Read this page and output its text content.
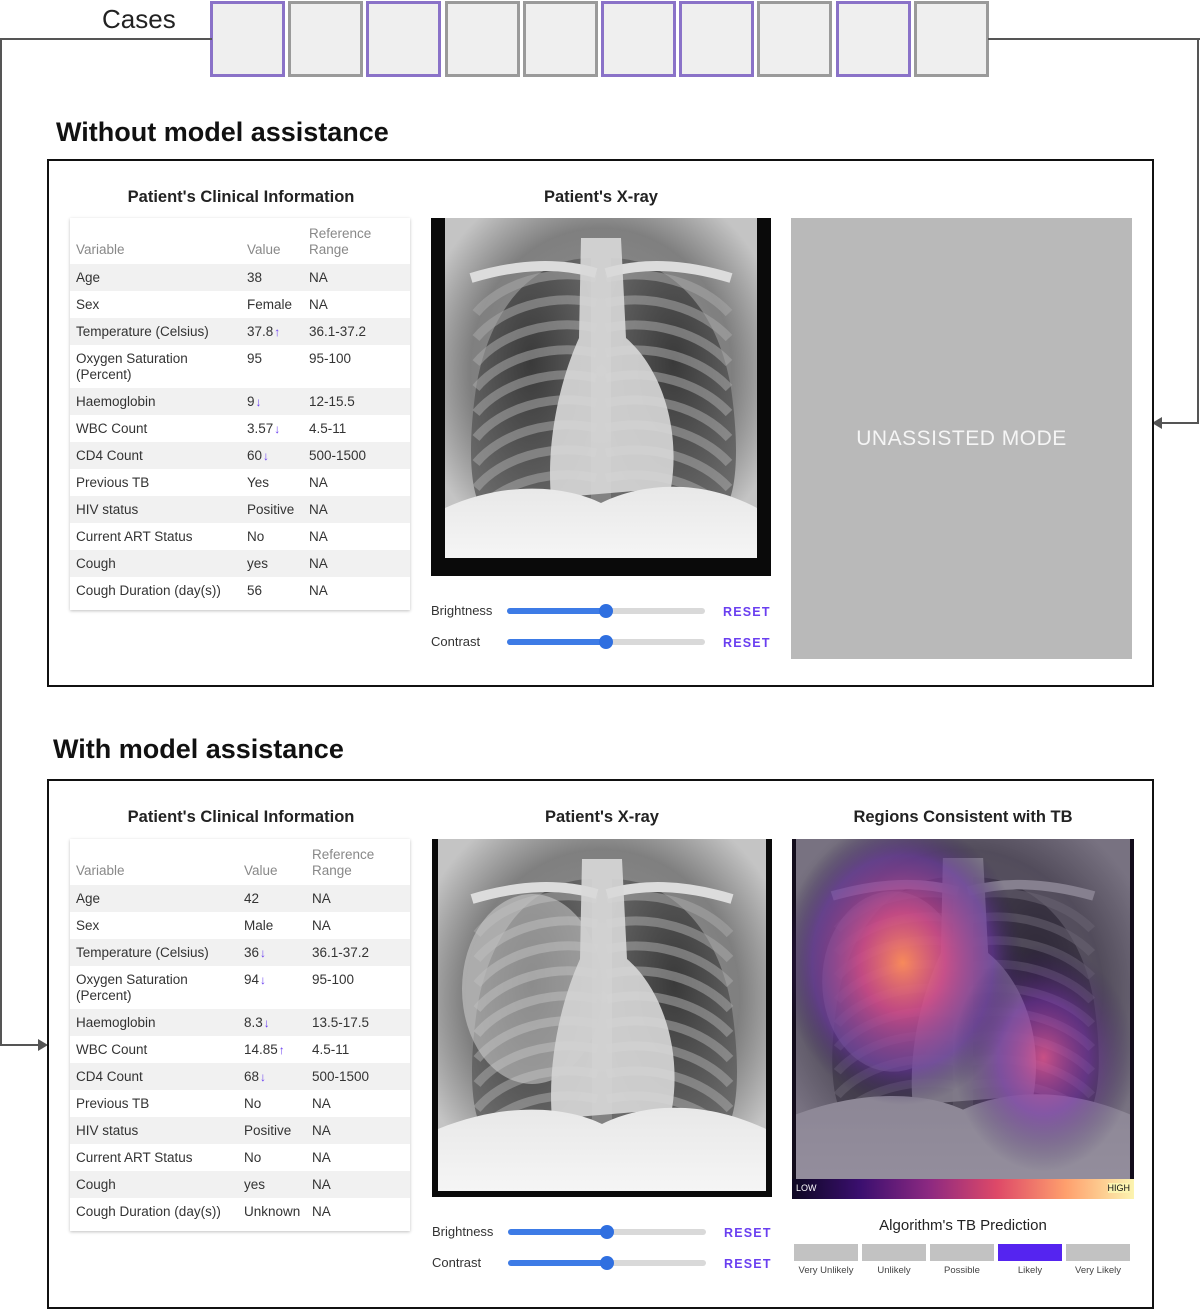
Cases
Without model assistance
Patient's Clinical Information	Patient's X-ray
Variable	Value
Reference
Range
Age	38	NA
Sex	Female NA
Temperature (Celsius)	37.8↑ 36.1-37.2
Oxygen Saturation
(Percent)
95	95-100
Haemoglobin	9↓	12-15.5
WBC Count	3.57↓ 4.5-11
CD4 Count	60↓	500-1500
Previous TB	Yes	NA
HIV status	Positive NA
Current ART Status	No	NA
Cough	yes	NA
Cough Duration (day(s)) 56	NA
Brightness	RESET
Contrast	RESET
UNASSISTED MODE
With model assistance
Patient's Clinical Information	Patient's X-ray	Regions Consistent with TB
Variable	Value
Reference
Range
Age	42	NA
Sex	Male	NA
Temperature (Celsius)	36↓	36.1-37.2
Oxygen Saturation
(Percent)
94↓	95-100
Haemoglobin	8.3↓	13.5-17.5
WBC Count	14.85↑ 4.5-11
CD4 Count	68↓	500-1500
Previous TB	No	NA
HIV status	Positive NA
Current ART Status	No	NA
Cough	yes	NA
Cough Duration (day(s)) Unknown NA
Brightness	RESET
Contrast	RESET
LOW	HIGH
Algorithm's TB Prediction
Very Unlikely	Unlikely	Possible	Likely	Very Likely
